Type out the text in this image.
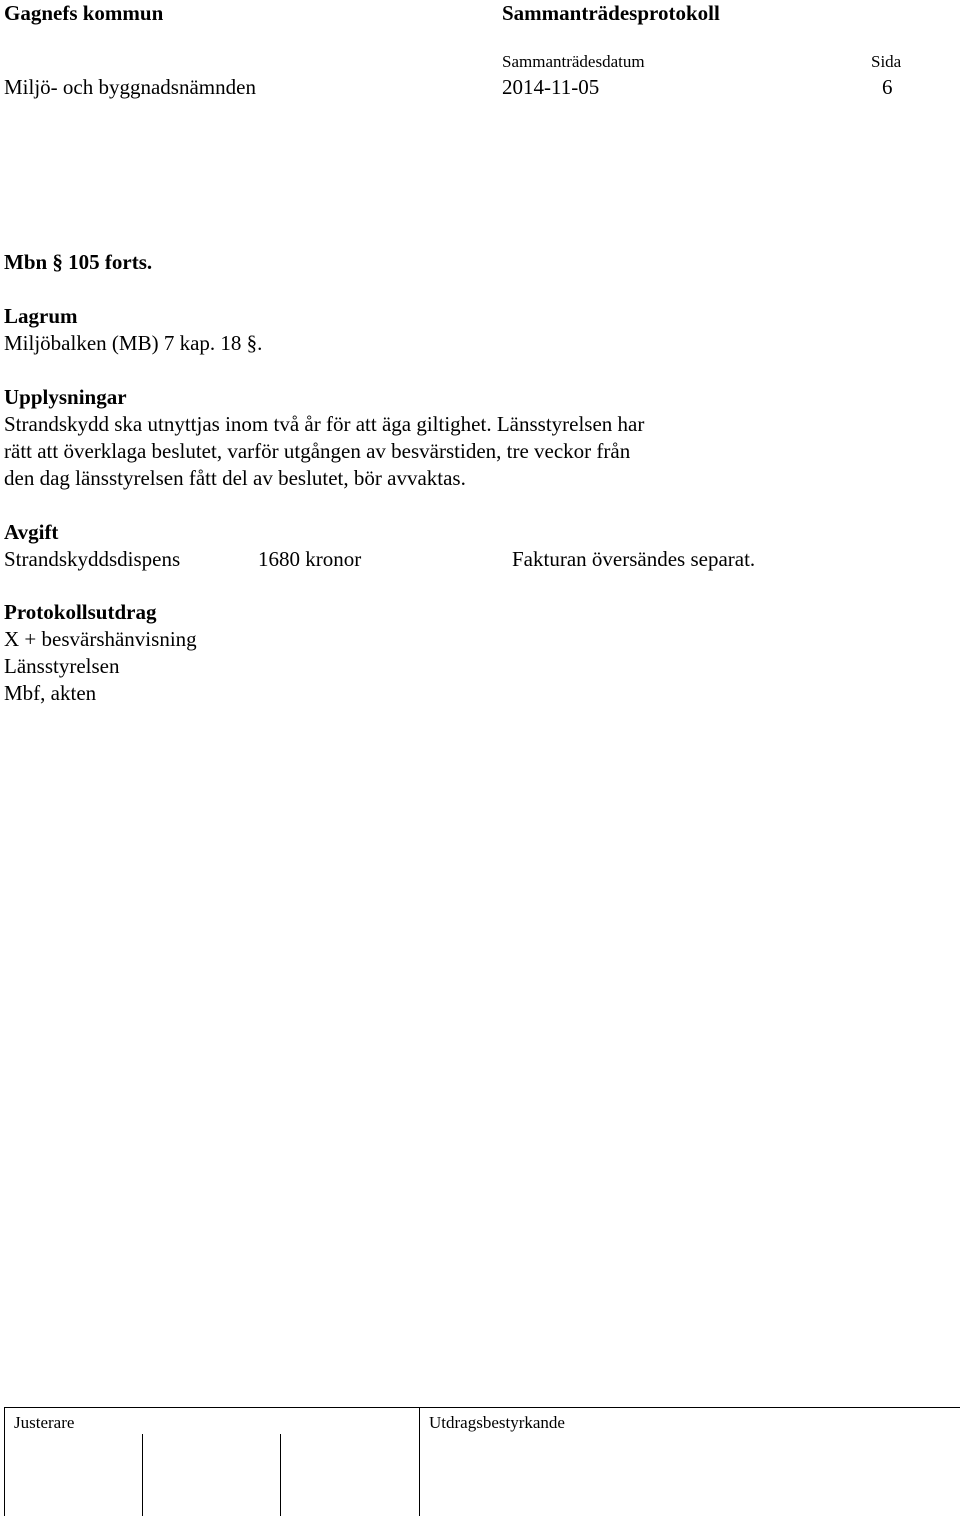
Gagnefs kommun	Sammanträdesprotokoll
Sammanträdesdatum	Sida
Miljö- och byggnadsnämnden	2014-11-05	6
Mbn § 105 forts.

Lagrum

Miljöbalken (MB) 7 kap. 18 §.

Upplysningar

Strandskydd ska utnyttjas inom två år för att äga giltighet. Länsstyrelsen har

rätt att överklaga beslutet, varför utgången av besvärstiden, tre veckor från

den dag länsstyrelsen fått del av beslutet, bör avvaktas.

Avgift

Strandskyddsdispens	1680 kronor	Fakturan översändes separat.

Protokollsutdrag

X + besvärshänvisning

Länsstyrelsen

Mbf, akten

Justerare	Utdragsbestyrkande
